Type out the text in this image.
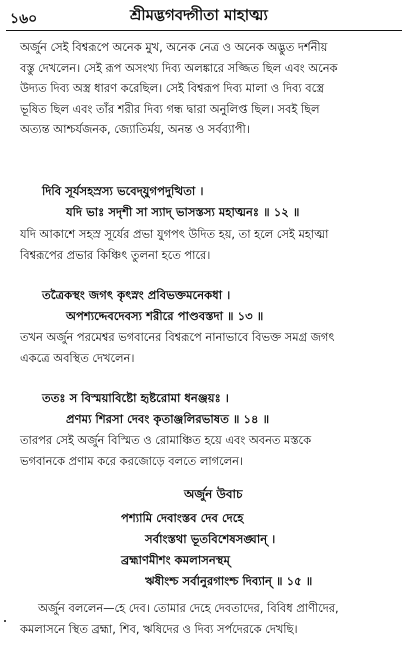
১৬০	শ্রীমদ্ভগবদ্গীতা মাহাত্ম্য
অর্জুন সেই বিশ্বরূপে অনেক মুখ, অনেক নেত্র ও অনেক অদ্ভুত দর্শনীয়
বস্তু দেখলেন। সেই রূপ অসংখ্য দিব্য অলঙ্কারে সজ্জিত ছিল এবং অনেক
উদ্যত দিব্য অস্ত্র ধারণ করেছিল। সেই বিশ্বরূপ দিব্য মালা ও দিব্য বস্ত্রে
ভূষিত ছিল এবং তাঁর শরীর দিব্য গন্ধ দ্বারা অনুলিপ্ত ছিল। সবই ছিল
অত্যন্ত আশ্চর্যজনক, জ্যোতির্ময়, অনন্ত ও সর্বব্যাপী।
দিবি সূর্যসহস্রস্য ভবেদ্‌যুগপদুত্থিতা ।
যদি ভাঃ সদৃশী সা স্যাদ্ ভাসস্তস্য মহাত্মনঃ ॥ ১২ ॥
যদি আকাশে সহস্র সূর্যের প্রভা যুগপৎ উদিত হয়, তা হলে সেই মহাত্মা
বিশ্বরূপের প্রভার কিঞ্চিৎ তুলনা হতে পারে।
তত্রৈকস্থং জগৎ কৃৎস্নং প্রবিভক্তমনেকধা ।
অপশ্যদ্দেবদেবস্য শরীরে পাণ্ডবস্তদা ॥ ১৩ ॥
তখন অর্জুন পরমেশ্বর ভগবানের বিশ্বরূপে নানাভাবে বিভক্ত সমগ্র জগৎ
একত্রে অবস্থিত দেখলেন।
ততঃ স বিস্ময়াবিষ্টো হৃষ্টরোমা ধনঞ্জয়ঃ ।
প্রণম্য শিরসা দেবং কৃতাঞ্জলিরভাষত ॥ ১৪ ॥
তারপর সেই অর্জুন বিস্মিত ও রোমাঞ্চিত হয়ে এবং অবনত মস্তকে
ভগবানকে প্রণাম করে করজোড়ে বলতে লাগলেন।
অর্জুন উবাচ
পশ্যামি দেবাংস্তব দেব দেহে
সর্বাংস্তথা ভূতবিশেষসঙ্ঘান্ ।
ব্রহ্মাণমীশং কমলাসনস্থম্
ঋষীংশ্চ সর্বানুরগাংশ্চ দিব্যান্ ॥ ১৫ ॥
অর্জুন বললেন—হে দেব। তোমার দেহে দেবতাদের, বিবিধ প্রাণীদের,
কমলাসনে স্থিত ব্রহ্মা, শিব, ঋষিদের ও দিব্য সর্পদেরকে দেখছি।
